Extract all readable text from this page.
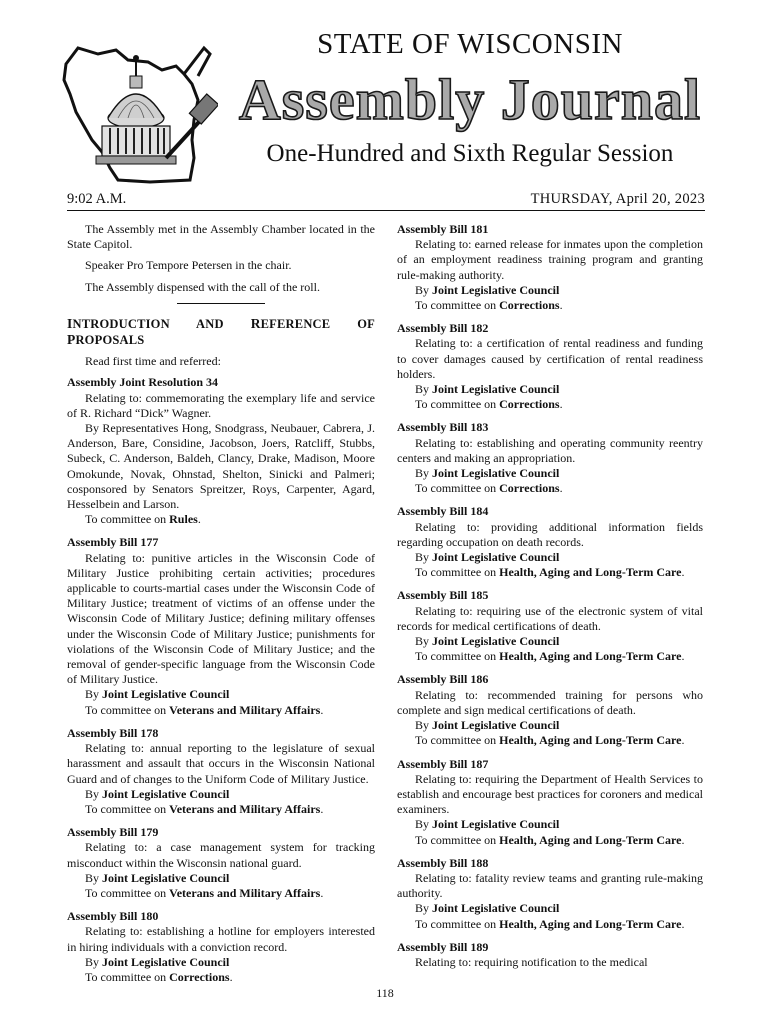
STATE OF WISCONSIN
Assembly Journal
One-Hundred and Sixth Regular Session
9:02 A.M.	THURSDAY, April 20, 2023

The Assembly met in the Assembly Chamber located in the State Capitol.

Speaker Pro Tempore Petersen in the chair.

The Assembly dispensed with the call of the roll.

INTRODUCTION AND REFERENCE OF PROPOSALS

Read first time and referred:

Assembly Joint Resolution 34

Relating to: commemorating the exemplary life and service of R. Richard “Dick” Wagner.

By Representatives Hong, Snodgrass, Neubauer, Cabrera, J. Anderson, Bare, Considine, Jacobson, Joers, Ratcliff, Stubbs, Subeck, C. Anderson, Baldeh, Clancy, Drake, Madison, Moore Omokunde, Novak, Ohnstad, Shelton, Sinicki and Palmeri; cosponsored by Senators Spreitzer, Roys, Carpenter, Agard, Hesselbein and Larson.

To committee on Rules.

Assembly Bill 177

Relating to: punitive articles in the Wisconsin Code of Military Justice prohibiting certain activities; procedures applicable to courts-martial cases under the Wisconsin Code of Military Justice; treatment of victims of an offense under the Wisconsin Code of Military Justice; defining military offenses under the Wisconsin Code of Military Justice; punishments for violations of the Wisconsin Code of Military Justice; and the removal of gender-specific language from the Wisconsin Code of Military Justice.

By Joint Legislative Council

To committee on Veterans and Military Affairs.

Assembly Bill 178

Relating to: annual reporting to the legislature of sexual harassment and assault that occurs in the Wisconsin National Guard and of changes to the Uniform Code of Military Justice.

By Joint Legislative Council

To committee on Veterans and Military Affairs.

Assembly Bill 179

Relating to: a case management system for tracking misconduct within the Wisconsin national guard.

By Joint Legislative Council

To committee on Veterans and Military Affairs.

Assembly Bill 180

Relating to: establishing a hotline for employers interested in hiring individuals with a conviction record.

By Joint Legislative Council

To committee on Corrections.

Assembly Bill 181

Relating to: earned release for inmates upon the completion of an employment readiness training program and granting rule-making authority.

By Joint Legislative Council

To committee on Corrections.

Assembly Bill 182

Relating to: a certification of rental readiness and funding to cover damages caused by certification of rental readiness holders.

By Joint Legislative Council

To committee on Corrections.

Assembly Bill 183

Relating to: establishing and operating community reentry centers and making an appropriation.

By Joint Legislative Council

To committee on Corrections.

Assembly Bill 184

Relating to: providing additional information fields regarding occupation on death records.

By Joint Legislative Council

To committee on Health, Aging and Long-Term Care.

Assembly Bill 185

Relating to: requiring use of the electronic system of vital records for medical certifications of death.

By Joint Legislative Council

To committee on Health, Aging and Long-Term Care.

Assembly Bill 186

Relating to: recommended training for persons who complete and sign medical certifications of death.

By Joint Legislative Council

To committee on Health, Aging and Long-Term Care.

Assembly Bill 187

Relating to: requiring the Department of Health Services to establish and encourage best practices for coroners and medical examiners.

By Joint Legislative Council

To committee on Health, Aging and Long-Term Care.

Assembly Bill 188

Relating to: fatality review teams and granting rule-making authority.

By Joint Legislative Council

To committee on Health, Aging and Long-Term Care.

Assembly Bill 189

Relating to: requiring notification to the medical

118
